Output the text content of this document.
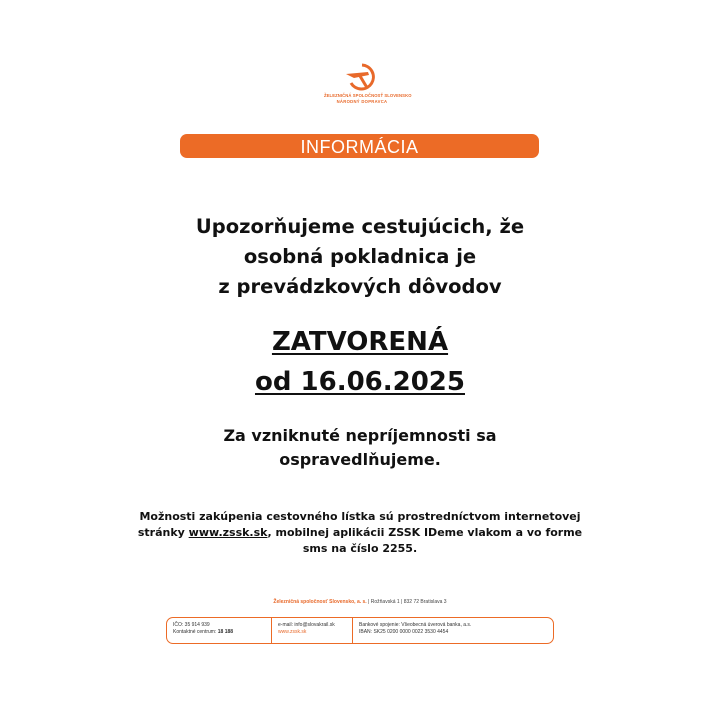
ŽELEZNIČNÁ SPOLOČNOSŤ SLOVENSKO
NÁRODNÝ DOPRAVCA
INFORMÁCIA
Upozorňujeme cestujúcich, že
osobná pokladnica je
z prevádzkových dôvodov
ZATVORENÁ
od 16.06.2025
Za vzniknuté nepríjemnosti sa
ospravedlňujeme.
Možnosti zakúpenia cestovného lístka sú prostredníctvom internetovej
stránky www.zssk.sk, mobilnej aplikácii ZSSK IDeme vlakom a vo forme
sms na číslo 2255.
Železničná spoločnosť Slovensko, a. s. | Rožňavská 1 | 832 72 Bratislava 3
IČO: 35 914 939
Kontaktné centrum: 18 188
e-mail: info@slovakrail.sk
www.zssk.sk
Bankové spojenie: Všeobecná úverová banka, a.s.
IBAN: SK25 0200 0000 0022 3530 4454
